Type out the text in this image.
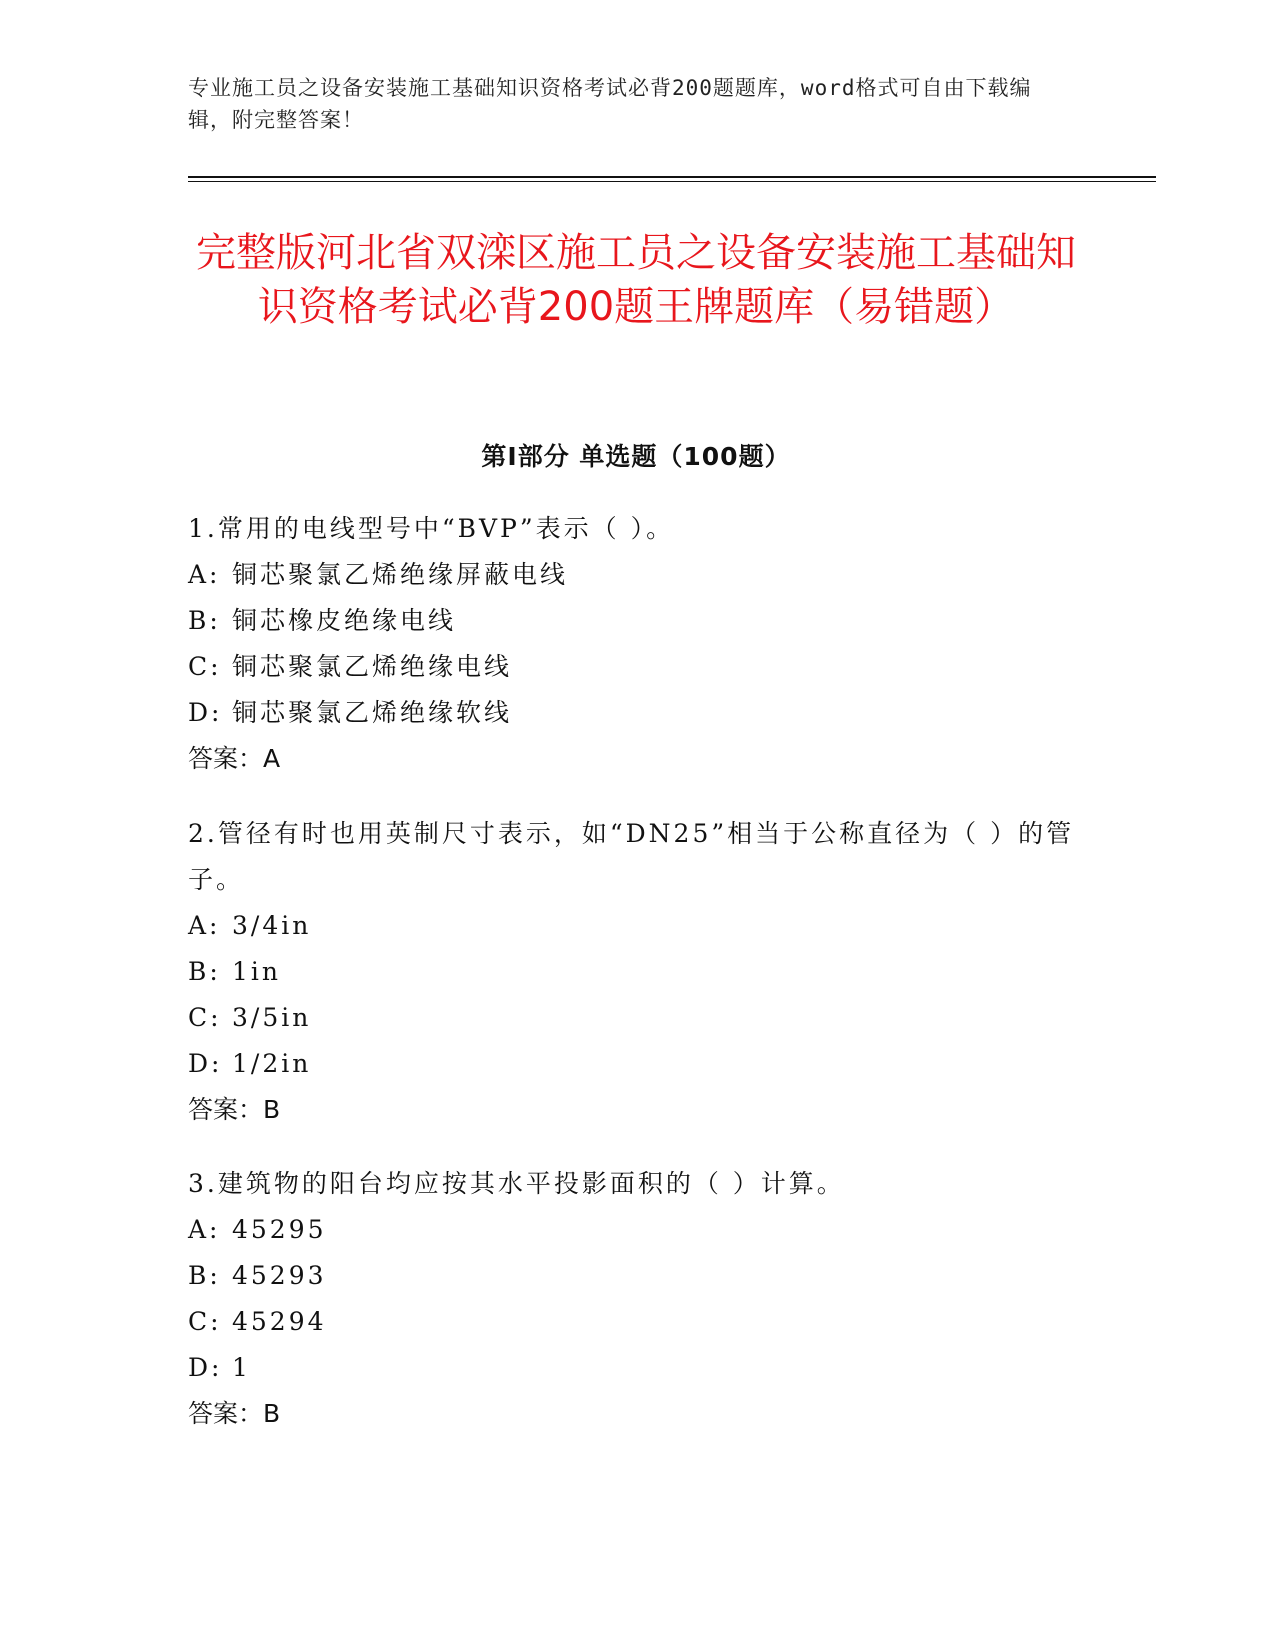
专业施工员之设备安装施工基础知识资格考试必背200题题库，word格式可自由下载编辑，附完整答案！
完整版河北省双滦区施工员之设备安装施工基础知识资格考试必背200题王牌题库（易错题）
第I部分 单选题（100题）

1.常用的电线型号中“BVP”表示（ ）。

A: 铜芯聚氯乙烯绝缘屏蔽电线

B: 铜芯橡皮绝缘电线

C: 铜芯聚氯乙烯绝缘电线

D: 铜芯聚氯乙烯绝缘软线

答案：A

2.管径有时也用英制尺寸表示，如“DN25”相当于公称直径为（ ）的管子。

A: 3/4in

B: 1in

C: 3/5in

D: 1/2in

答案：B

3.建筑物的阳台均应按其水平投影面积的（ ）计算。

A: 45295

B: 45293

C: 45294

D: 1

答案：B
